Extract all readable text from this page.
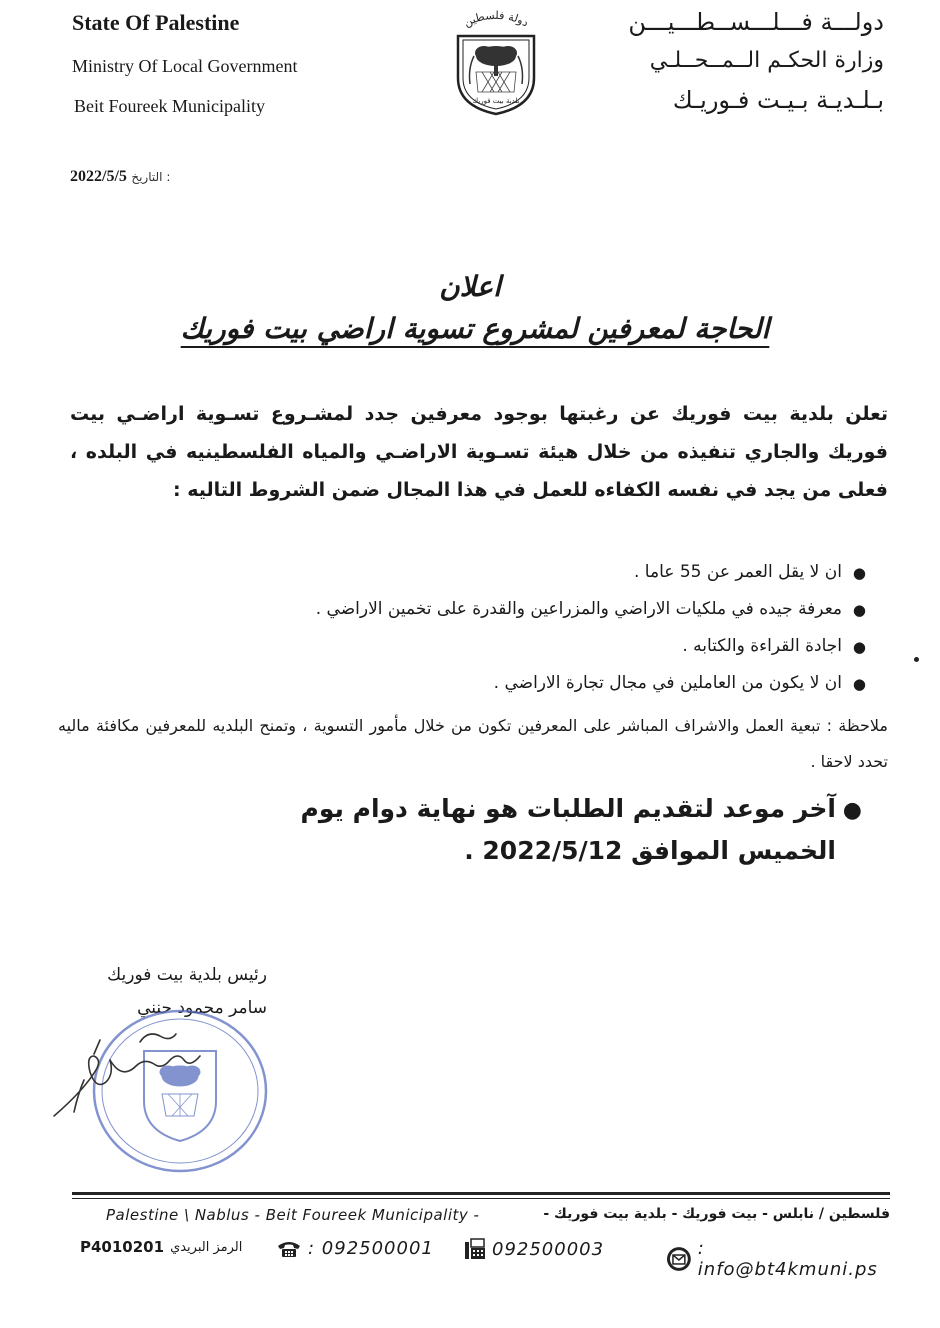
State Of Palestine
Ministry Of Local Government
Beit Foureek Municipality
دولـــة فـــلـــســطـــيـــن
وزارة الحكـم الــمــحــلـي
بـلـديـة بـيـت فـوريـك
دولة فلسطين
بلدية بيت فوريك
2022/5/5 التاريخ :
اعلان
الحاجة لمعرفين لمشروع تسوية اراضي بيت فوريك
تعلن بلدية بيت فوريك عن رغبتها بوجود معرفين جدد لمشـروع تسـوية اراضـي بيت فوريك والجاري تنفيذه من خلال هيئة تسـوية الاراضـي والمياه الفلسطينيه في البلده ، فعلى من يجد في نفسه الكفاءه للعمل في هذا المجال ضمن الشروط التاليه :
●
ان لا يقل العمر عن 55 عاما .
●
معرفة جيده في ملكيات الاراضي والمزراعين والقدرة على تخمين الاراضي .
●
اجادة القراءة والكتابه .
●
ان لا يكون من العاملين في مجال تجارة الاراضي .
ملاحظة : تبعية العمل والاشراف المباشر على المعرفين تكون من خلال مأمور التسوية ، وتمنح البلديه للمعرفين مكافئة ماليه تحدد لاحقا .
●
آخر موعد لتقديم الطلبات هو نهاية دوام يوم الخميس الموافق 2022/5/12 .
رئيس بلدية بيت فوريك
سامر محمود حنني
فلسطين / نابلس - بيت فوريك - بلدية بيت فوريك -
Palestine \ Nablus - Beit Foureek Municipality -
P4010201 الرمز البريدي	: 092500001	092500003	: info@bt4kmuni.ps
